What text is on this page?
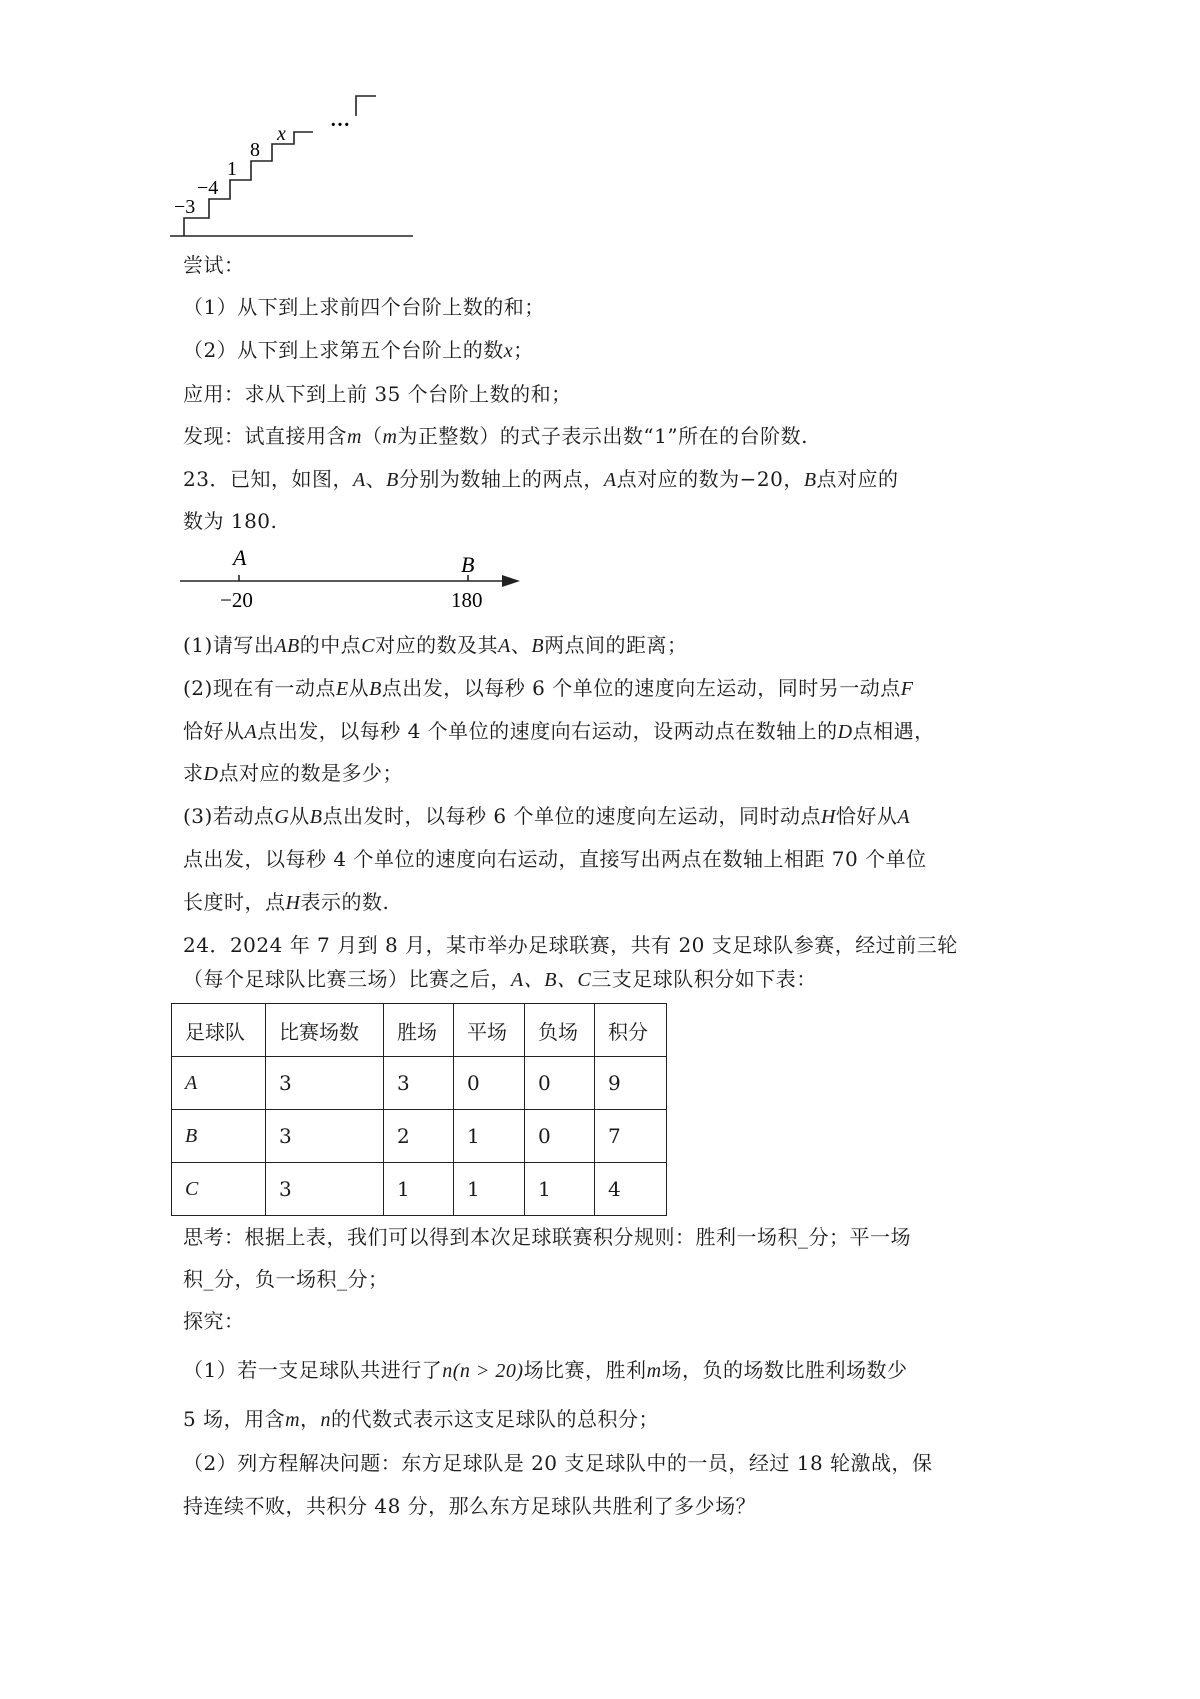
−3
−4
1
8
x
…
尝试：
（1）从下到上求前四个台阶上数的和；
（2）从下到上求第五个台阶上的数x；
应用：求从下到上前 35 个台阶上数的和；
发现：试直接用含m（m为正整数）的式子表示出数“1”所在的台阶数.
23．已知，如图，A、B分别为数轴上的两点，A点对应的数为−20，B点对应的
数为 180.
A	B
−20	180
(1)请写出AB的中点C对应的数及其A、B两点间的距离；
(2)现在有一动点E从B点出发，以每秒 6 个单位的速度向左运动，同时另一动点F
恰好从A点出发，以每秒 4 个单位的速度向右运动，设两动点在数轴上的D点相遇，
求D点对应的数是多少；
(3)若动点G从B点出发时，以每秒 6 个单位的速度向左运动，同时动点H恰好从A
点出发，以每秒 4 个单位的速度向右运动，直接写出两点在数轴上相距 70 个单位
长度时，点H表示的数.
24．2024 年 7 月到 8 月，某市举办足球联赛，共有 20 支足球队参赛，经过前三轮
（每个足球队比赛三场）比赛之后，A、B、C三支足球队积分如下表：
足球队	比赛场数	胜场	平场	负场	积分
A	3	3	0	0	9
B	3	2	1	0	7
C	3	1	1	1	4
思考：根据上表，我们可以得到本次足球联赛积分规则：胜利一场积_分；平一场
积_分，负一场积_分；
探究：
（1）若一支足球队共进行了n(n > 20)场比赛，胜利m场，负的场数比胜利场数少
5 场，用含m，n的代数式表示这支足球队的总积分；
（2）列方程解决问题：东方足球队是 20 支足球队中的一员，经过 18 轮激战，保
持连续不败，共积分 48 分，那么东方足球队共胜利了多少场？
